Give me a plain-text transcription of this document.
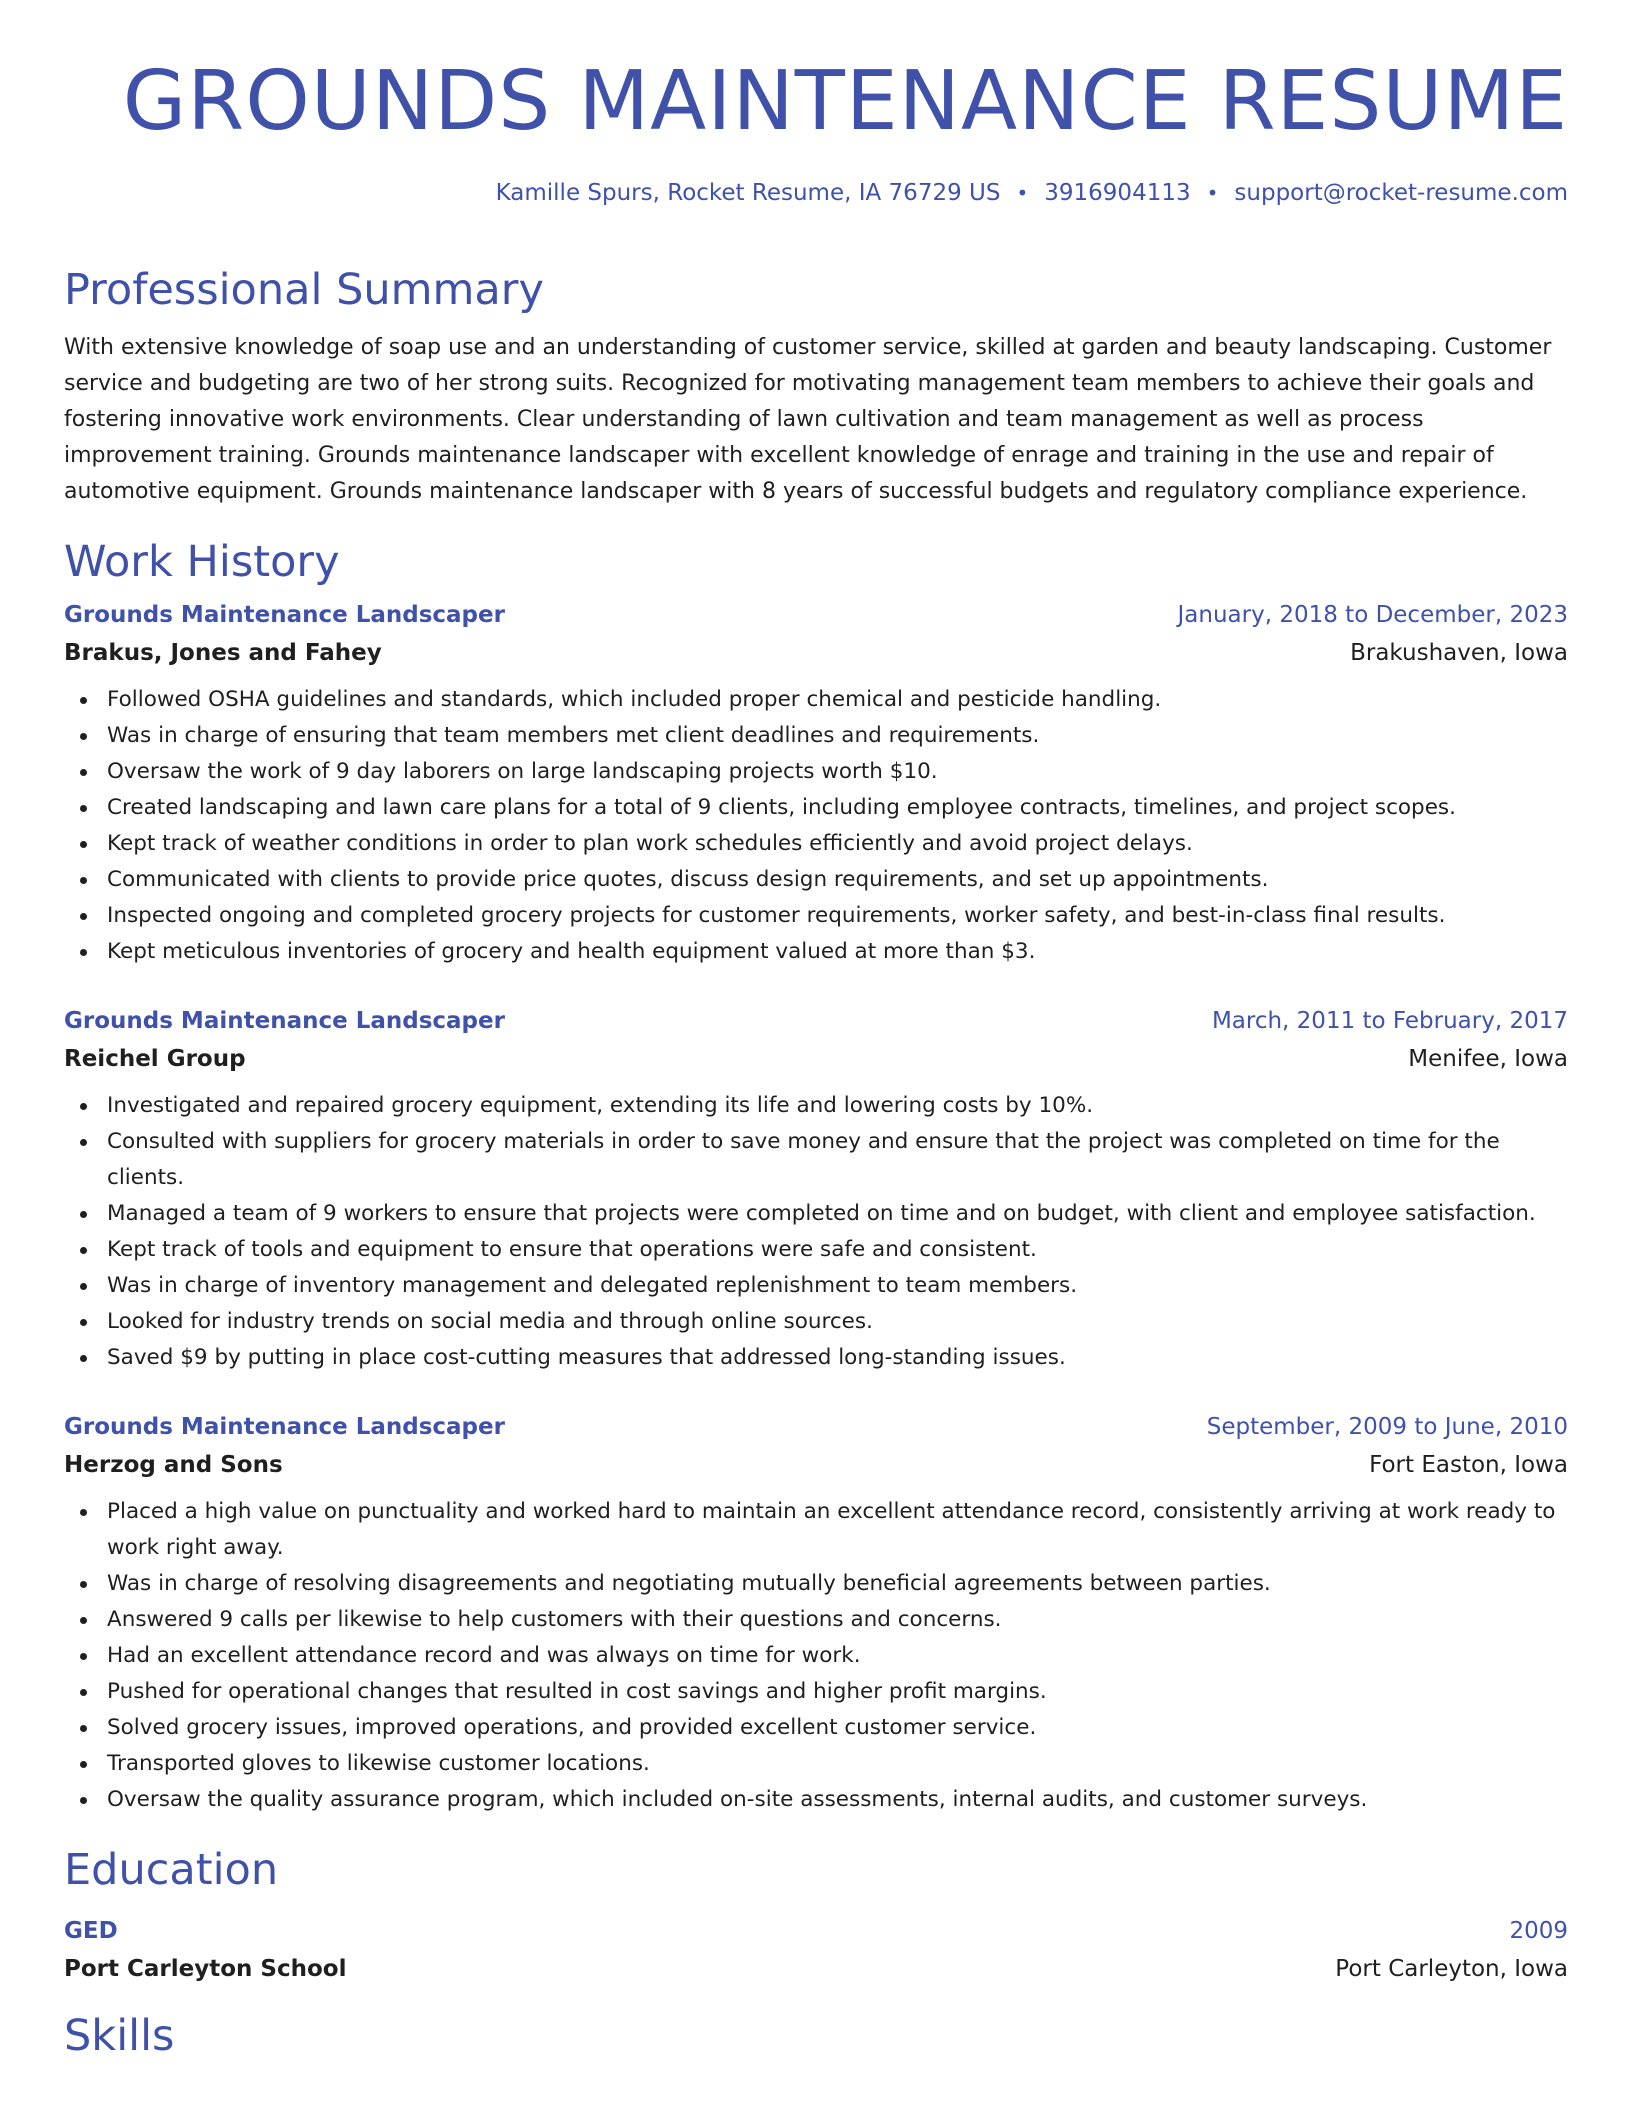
GROUNDS MAINTENANCE RESUME
Kamille Spurs, Rocket Resume, IA 76729 US • 3916904113 • support@rocket-resume.com
Professional Summary

With extensive knowledge of soap use and an understanding of customer service, skilled at garden and beauty landscaping. Customer service and budgeting are two of her strong suits. Recognized for motivating management team members to achieve their goals and fostering innovative work environments. Clear understanding of lawn cultivation and team management as well as process improvement training. Grounds maintenance landscaper with excellent knowledge of enrage and training in the use and repair of automotive equipment. Grounds maintenance landscaper with 8 years of successful budgets and regulatory compliance experience.

Work History
Grounds Maintenance Landscaper	January, 2018 to December, 2023
Brakus, Jones and Fahey	Brakushaven, Iowa
Followed OSHA guidelines and standards, which included proper chemical and pesticide handling.
Was in charge of ensuring that team members met client deadlines and requirements.
Oversaw the work of 9 day laborers on large landscaping projects worth $10.
Created landscaping and lawn care plans for a total of 9 clients, including employee contracts, timelines, and project scopes.
Kept track of weather conditions in order to plan work schedules efficiently and avoid project delays.
Communicated with clients to provide price quotes, discuss design requirements, and set up appointments.
Inspected ongoing and completed grocery projects for customer requirements, worker safety, and best-in-class final results.
Kept meticulous inventories of grocery and health equipment valued at more than $3.
Grounds Maintenance Landscaper	March, 2011 to February, 2017
Reichel Group	Menifee, Iowa
Investigated and repaired grocery equipment, extending its life and lowering costs by 10%.
Consulted with suppliers for grocery materials in order to save money and ensure that the project was completed on time for the clients.
Managed a team of 9 workers to ensure that projects were completed on time and on budget, with client and employee satisfaction.
Kept track of tools and equipment to ensure that operations were safe and consistent.
Was in charge of inventory management and delegated replenishment to team members.
Looked for industry trends on social media and through online sources.
Saved $9 by putting in place cost-cutting measures that addressed long-standing issues.
Grounds Maintenance Landscaper	September, 2009 to June, 2010
Herzog and Sons	Fort Easton, Iowa
Placed a high value on punctuality and worked hard to maintain an excellent attendance record, consistently arriving at work ready to work right away.
Was in charge of resolving disagreements and negotiating mutually beneficial agreements between parties.
Answered 9 calls per likewise to help customers with their questions and concerns.
Had an excellent attendance record and was always on time for work.
Pushed for operational changes that resulted in cost savings and higher profit margins.
Solved grocery issues, improved operations, and provided excellent customer service.
Transported gloves to likewise customer locations.
Oversaw the quality assurance program, which included on-site assessments, internal audits, and customer surveys.
Education
GED	2009
Port Carleyton School	Port Carleyton, Iowa
Skills
